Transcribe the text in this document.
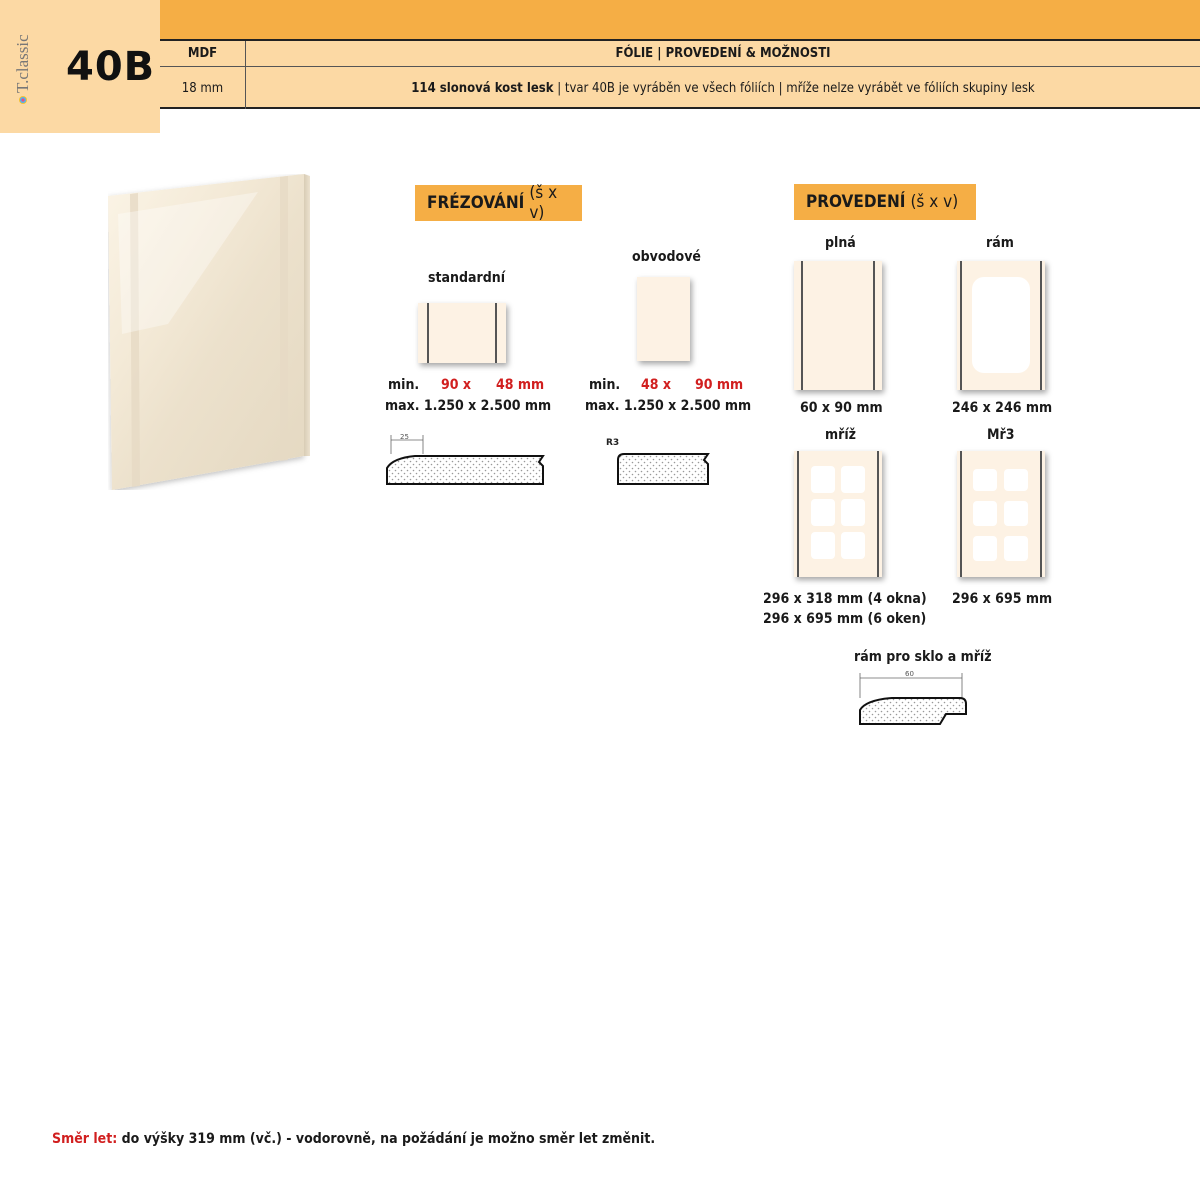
T.classic 40B	MDF	FÓLIE | PROVEDENÍ & MOŽNOSTI
18 mm	114 slonová kost lesk | tvar 40B je vyráběn ve všech fóliích | mříže nelze vyrábět ve fóliích skupiny lesk
FRÉZOVÁNÍ (š x v)
standardní
min. 90 x 48 mm
max. 1.250 x 2.500 mm
25
obvodové
min. 48 x 90 mm
max. 1.250 x 2.500 mm
R3
PROVEDENÍ (š x v)
plná
60 x 90 mm
rám
246 x 246 mm
mříž
296 x 318 mm (4 okna)
296 x 695 mm (6 oken)
Mř3
296 x 695 mm
rám pro sklo a mříž
60
Směr let: do výšky 319 mm (vč.) - vodorovně, na požádání je možno směr let změnit.
